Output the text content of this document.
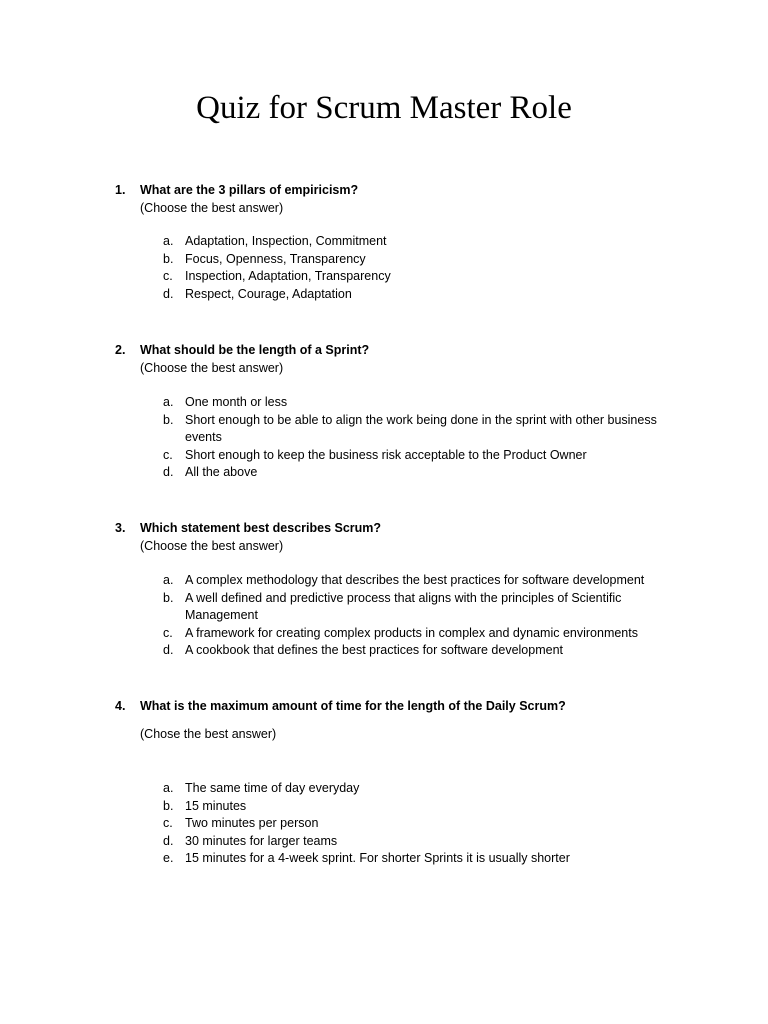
Quiz for Scrum Master Role
1. What are the 3 pillars of empiricism?
(Choose the best answer)
a. Adaptation, Inspection, Commitment
b. Focus, Openness, Transparency
c. Inspection, Adaptation, Transparency
d. Respect, Courage, Adaptation
2. What should be the length of a Sprint?
(Choose the best answer)
a. One month or less
b. Short enough to be able to align the work being done in the sprint with other business events
c. Short enough to keep the business risk acceptable to the Product Owner
d. All the above
3. Which statement best describes Scrum?
(Choose the best answer)
a. A complex methodology that describes the best practices for software development
b. A well defined and predictive process that aligns with the principles of Scientific Management
c. A framework for creating complex products in complex and dynamic environments
d. A cookbook that defines the best practices for software development
4. What is the maximum amount of time for the length of the Daily Scrum?
(Chose the best answer)
a. The same time of day everyday
b. 15 minutes
c. Two minutes per person
d. 30 minutes for larger teams
e. 15 minutes for a 4-week sprint. For shorter Sprints it is usually shorter
